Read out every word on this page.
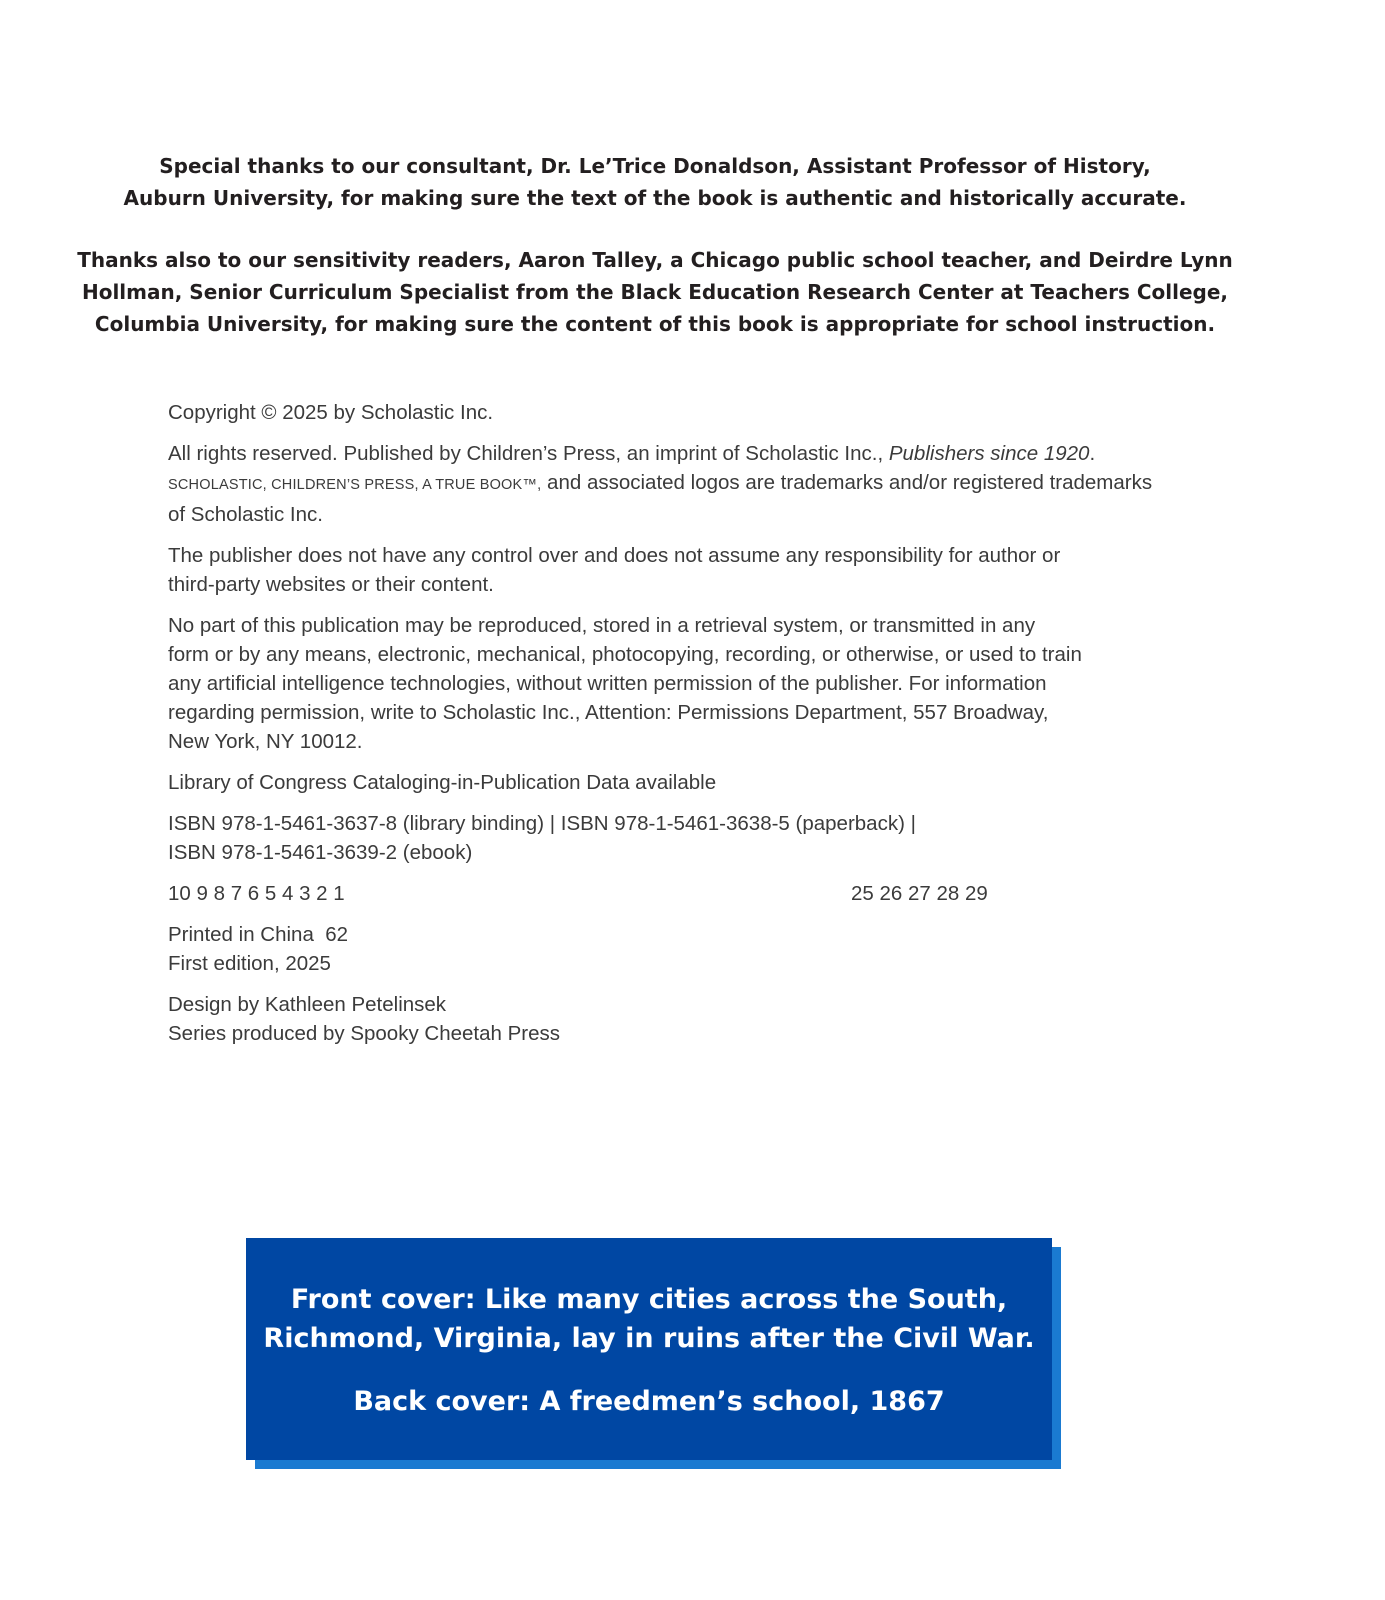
Special thanks to our consultant, Dr. Le’Trice Donaldson, Assistant Professor of History,
Auburn University, for making sure the text of the book is authentic and historically accurate.
Thanks also to our sensitivity readers, Aaron Talley, a Chicago public school teacher, and Deirdre Lynn
Hollman, Senior Curriculum Specialist from the Black Education Research Center at Teachers College,
Columbia University, for making sure the content of this book is appropriate for school instruction.

Copyright © 2025 by Scholastic Inc.

All rights reserved. Published by Children’s Press, an imprint of Scholastic Inc., Publishers since 1920.
SCHOLASTIC, CHILDREN’S PRESS, A TRUE BOOK™, and associated logos are trademarks and/or registered trademarks
of Scholastic Inc.

The publisher does not have any control over and does not assume any responsibility for author or
third-party websites or their content.

No part of this publication may be reproduced, stored in a retrieval system, or transmitted in any
form or by any means, electronic, mechanical, photocopying, recording, or otherwise, or used to train
any artificial intelligence technologies, without written permission of the publisher. For information
regarding permission, write to Scholastic Inc., Attention: Permissions Department, 557 Broadway,
New York, NY 10012.

Library of Congress Cataloging-in-Publication Data available

ISBN 978-1-5461-3637-8 (library binding) | ISBN 978-1-5461-3638-5 (paperback) |
ISBN 978-1-5461-3639-2 (ebook)

10 9 8 7 6 5 4 3 2 1	25 26 27 28 29

Printed in China  62
First edition, 2025

Design by Kathleen Petelinsek
Series produced by Spooky Cheetah Press

Front cover: Like many cities across the South,
Richmond, Virginia, lay in ruins after the Civil War.
Back cover: A freedmen’s school, 1867
